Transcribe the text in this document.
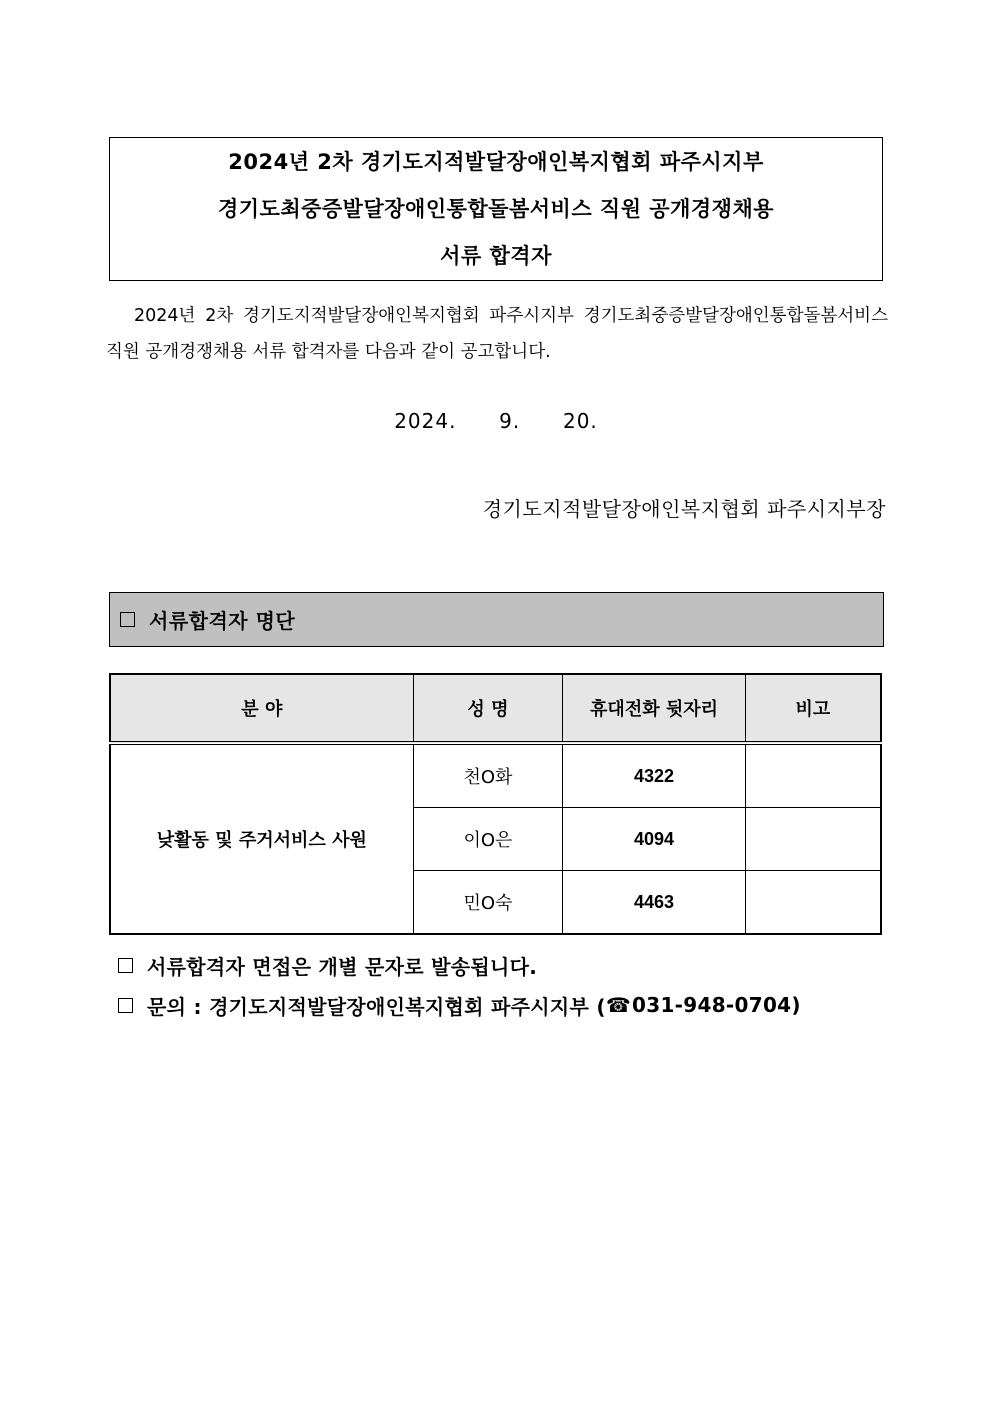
2024년 2차 경기도지적발달장애인복지협회 파주시지부
경기도최중증발달장애인통합돌봄서비스 직원 공개경쟁채용
서류 합격자
2024년 2차 경기도지적발달장애인복지협회 파주시지부 경기도최중증발달장애인통합돌봄서비스 직원 공개경쟁채용 서류 합격자를 다음과 같이 공고합니다.
2024.  9.  20.
경기도지적발달장애인복지협회 파주시지부장
서류합격자 명단
분 야	성 명	휴대전화 뒷자리	비고
낮활동 및 주거서비스 사원	천O화	4322	
	이O은	4094	
	민O숙	4463	
서류합격자 면접은 개별 문자로 발송됩니다.
문의 : 경기도지적발달장애인복지협회 파주시지부 ( ☎ 031-948-0704)
